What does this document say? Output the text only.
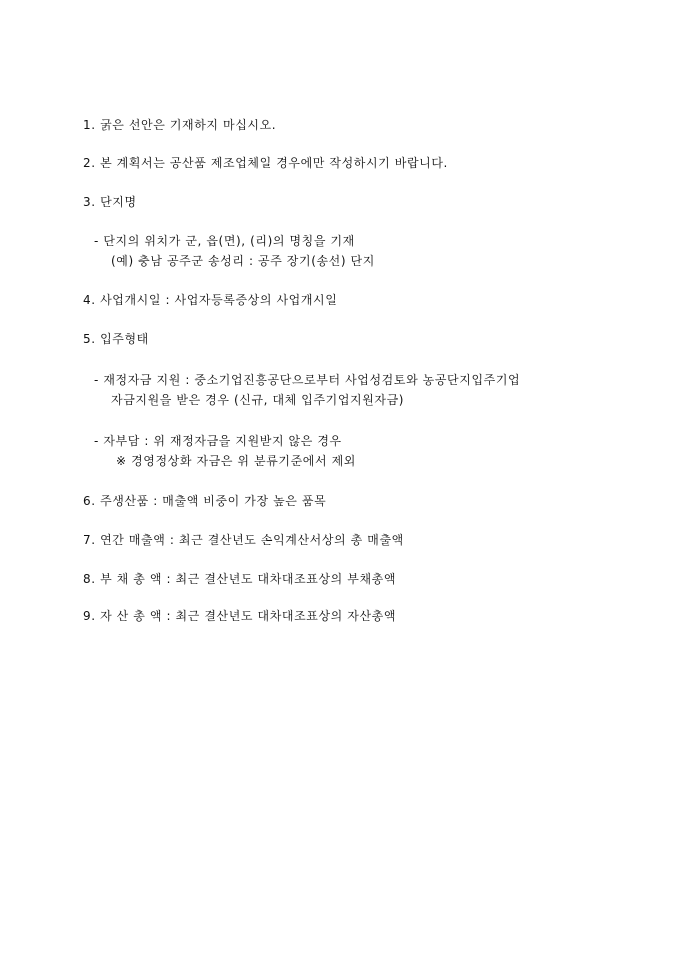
1. 굵은 선안은 기재하지 마십시오.
2. 본 계획서는 공산품 제조업체일 경우에만 작성하시기 바랍니다.
3. 단지명
- 단지의 위치가 군, 읍(면), (리)의 명칭을 기재
(예) 충남 공주군 송성리 : 공주 장기(송선) 단지
4. 사업개시일 : 사업자등록증상의 사업개시일
5. 입주형태
- 재정자금 지원 : 중소기업진흥공단으로부터 사업성검토와 농공단지입주기업
자금지원을 받은 경우 (신규, 대체 입주기업지원자금)
- 자부담 : 위 재정자금을 지원받지 않은 경우
※ 경영정상화 자금은 위 분류기준에서 제외
6. 주생산품 : 매출액 비중이 가장 높은 품목
7. 연간 매출액 : 최근 결산년도 손익계산서상의 총 매출액
8. 부 채 총 액 : 최근 결산년도 대차대조표상의 부채총액
9. 자 산 총 액 : 최근 결산년도 대차대조표상의 자산총액
